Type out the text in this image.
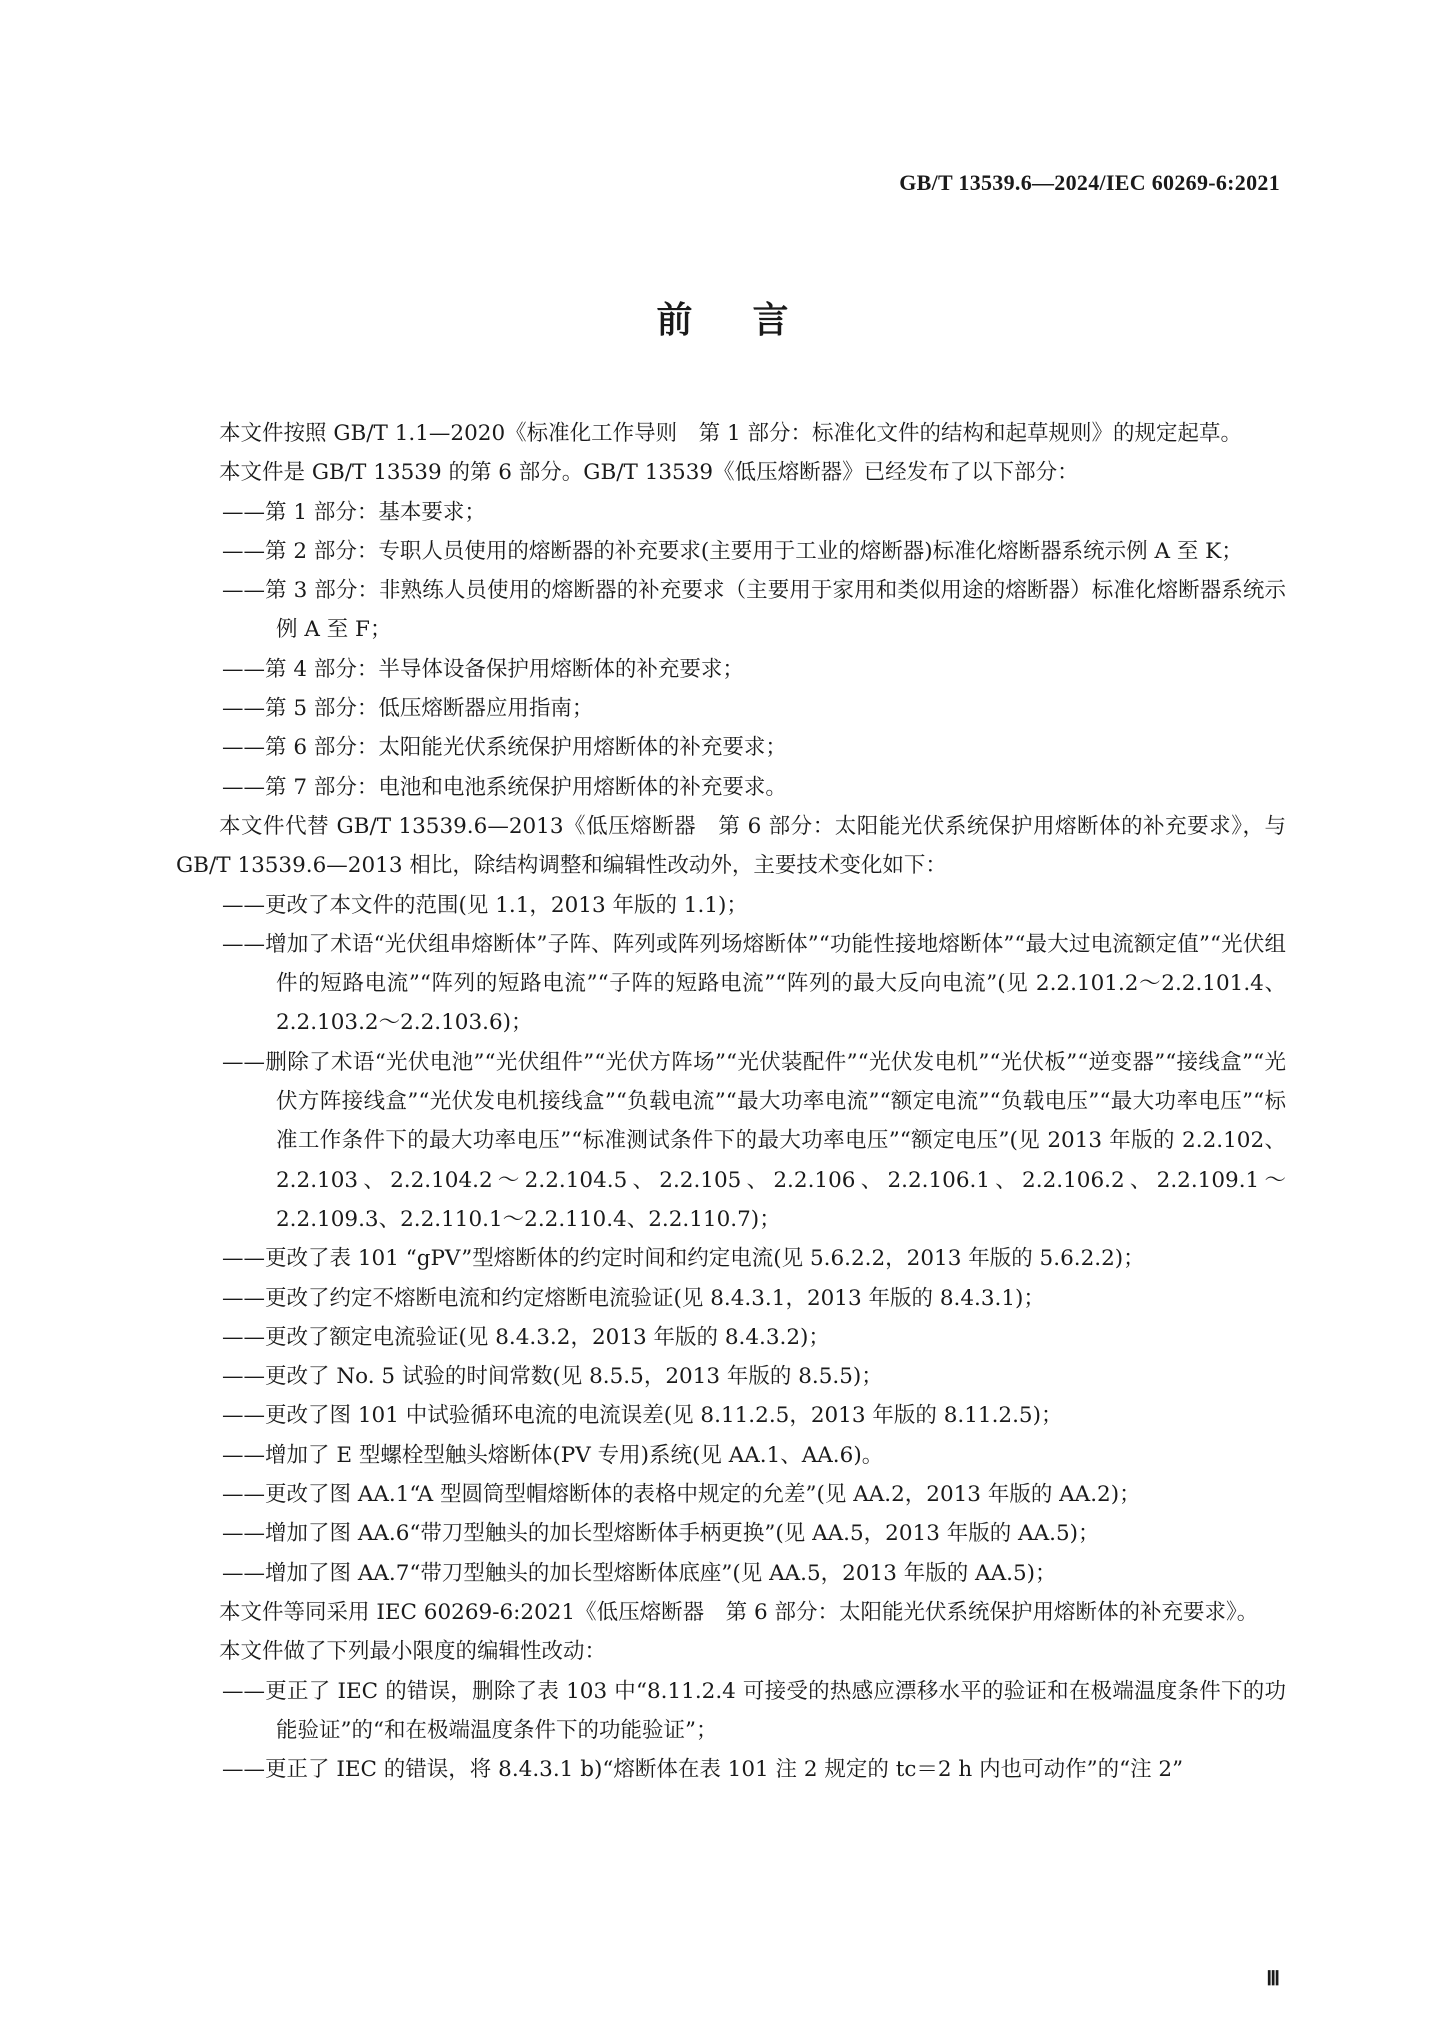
GB/T 13539.6—2024/IEC 60269-6:2021
前言

本文件按照 GB/T 1.1—2020《标准化工作导则　第 1 部分：标准化文件的结构和起草规则》的规定起草。

本文件是 GB/T 13539 的第 6 部分。GB/T 13539《低压熔断器》已经发布了以下部分：

——第 1 部分：基本要求；

——第 2 部分：专职人员使用的熔断器的补充要求(主要用于工业的熔断器)标准化熔断器系统示例 A 至 K；

——第 3 部分：非熟练人员使用的熔断器的补充要求（主要用于家用和类似用途的熔断器）标准化熔断器系统示例 A 至 F；

——第 4 部分：半导体设备保护用熔断体的补充要求；

——第 5 部分：低压熔断器应用指南；

——第 6 部分：太阳能光伏系统保护用熔断体的补充要求；

——第 7 部分：电池和电池系统保护用熔断体的补充要求。

本文件代替 GB/T 13539.6—2013《低压熔断器　第 6 部分：太阳能光伏系统保护用熔断体的补充要求》，与 GB/T 13539.6—2013 相比，除结构调整和编辑性改动外，主要技术变化如下：

——更改了本文件的范围(见 1.1，2013 年版的 1.1)；

——增加了术语“光伏组串熔断体”子阵、阵列或阵列场熔断体”“功能性接地熔断体”“最大过电流额定值”“光伏组件的短路电流”“阵列的短路电流”“子阵的短路电流”“阵列的最大反向电流”(见 2.2.101.2～2.2.101.4、2.2.103.2～2.2.103.6)；

——删除了术语“光伏电池”“光伏组件”“光伏方阵场”“光伏装配件”“光伏发电机”“光伏板”“逆变器”“接线盒”“光伏方阵接线盒”“光伏发电机接线盒”“负载电流”“最大功率电流”“额定电流”“负载电压”“最大功率电压”“标准工作条件下的最大功率电压”“标准测试条件下的最大功率电压”“额定电压”(见 2013 年版的 2.2.102、2.2.103、2.2.104.2～2.2.104.5、2.2.105、2.2.106、2.2.106.1、2.2.106.2、2.2.109.1～2.2.109.3、2.2.110.1～2.2.110.4、2.2.110.7)；

——更改了表 101 “gPV”型熔断体的约定时间和约定电流(见 5.6.2.2，2013 年版的 5.6.2.2)；

——更改了约定不熔断电流和约定熔断电流验证(见 8.4.3.1，2013 年版的 8.4.3.1)；

——更改了额定电流验证(见 8.4.3.2，2013 年版的 8.4.3.2)；

——更改了 No. 5 试验的时间常数(见 8.5.5，2013 年版的 8.5.5)；

——更改了图 101 中试验循环电流的电流误差(见 8.11.2.5，2013 年版的 8.11.2.5)；

——增加了 E 型螺栓型触头熔断体(PV 专用)系统(见 AA.1、AA.6)。

——更改了图 AA.1“A 型圆筒型帽熔断体的表格中规定的允差”(见 AA.2，2013 年版的 AA.2)；

——增加了图 AA.6“带刀型触头的加长型熔断体手柄更换”(见 AA.5，2013 年版的 AA.5)；

——增加了图 AA.7“带刀型触头的加长型熔断体底座”(见 AA.5，2013 年版的 AA.5)；

本文件等同采用 IEC 60269-6:2021《低压熔断器　第 6 部分：太阳能光伏系统保护用熔断体的补充要求》。

本文件做了下列最小限度的编辑性改动：

——更正了 IEC 的错误，删除了表 103 中“8.11.2.4 可接受的热感应漂移水平的验证和在极端温度条件下的功能验证”的“和在极端温度条件下的功能验证”；

——更正了 IEC 的错误，将 8.4.3.1 b)“熔断体在表 101 注 2 规定的 tc＝2 h 内也可动作”的“注 2”

Ⅲ
